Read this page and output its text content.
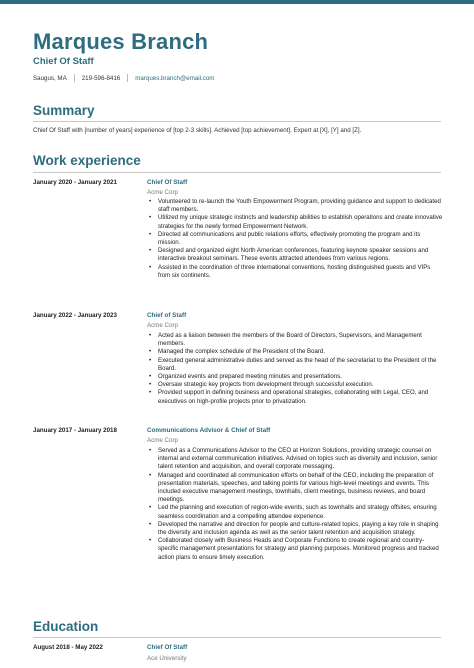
Marques Branch
Chief Of Staff
Saugus, MA 219-596-8416 marques.branch@email.com
Summary

Chief Of Staff with [number of years] experience of [top 2-3 skills]. Achieved [top achievement]. Expert at [X], [Y] and [Z].

Work experience
January 2020 - January 2021	Chief Of Staff
Acme Corp
• Volunteered to re-launch the Youth Empowerment Program, providing guidance and support to dedicated staff members.
• Utilized my unique strategic instincts and leadership abilities to establish operations and create innovative strategies for the newly formed Empowerment Network.
• Directed all communications and public relations efforts, effectively promoting the program and its mission.
• Designed and organized eight North American conferences, featuring keynote speaker sessions and interactive breakout seminars. These events attracted attendees from various regions.
• Assisted in the coordination of three international conventions, hosting distinguished guests and VIPs from six continents.
January 2022 - January 2023	Chief of Staff
Acme Corp
• Acted as a liaison between the members of the Board of Directors, Supervisors, and Management members.
• Managed the complex schedule of the President of the Board.
• Executed general administrative duties and served as the head of the secretariat to the President of the Board.
• Organized events and prepared meeting minutes and presentations.
• Oversaw strategic key projects from development through successful execution.
• Provided support in defining business and operational strategies, collaborating with Legal, CEO, and executives on high-profile projects prior to privatization.
January 2017 - January 2018	Communications Advisor & Chief of Staff
Acme Corp
• Served as a Communications Advisor to the CEO at Horizon Solutions, providing strategic counsel on internal and external communication initiatives. Advised on topics such as diversity and inclusion, senior talent retention and acquisition, and overall corporate messaging.
• Managed and coordinated all communication efforts on behalf of the CEO, including the preparation of presentation materials, speeches, and talking points for various high-level meetings and events. This included executive management meetings, townhalls, client meetings, business reviews, and board meetings.
• Led the planning and execution of region-wide events, such as townhalls and strategy offsites, ensuring seamless coordination and a compelling attendee experience.
• Developed the narrative and direction for people and culture-related topics, playing a key role in shaping the diversity and inclusion agenda as well as the senior talent retention and acquisition strategy.
• Collaborated closely with Business Heads and Corporate Functions to create regional and country-specific management presentations for strategy and planning purposes. Monitored progress and tracked action plans to ensure timely execution.
Education
August 2018 - May 2022	Chief Of Staff
Ace University
